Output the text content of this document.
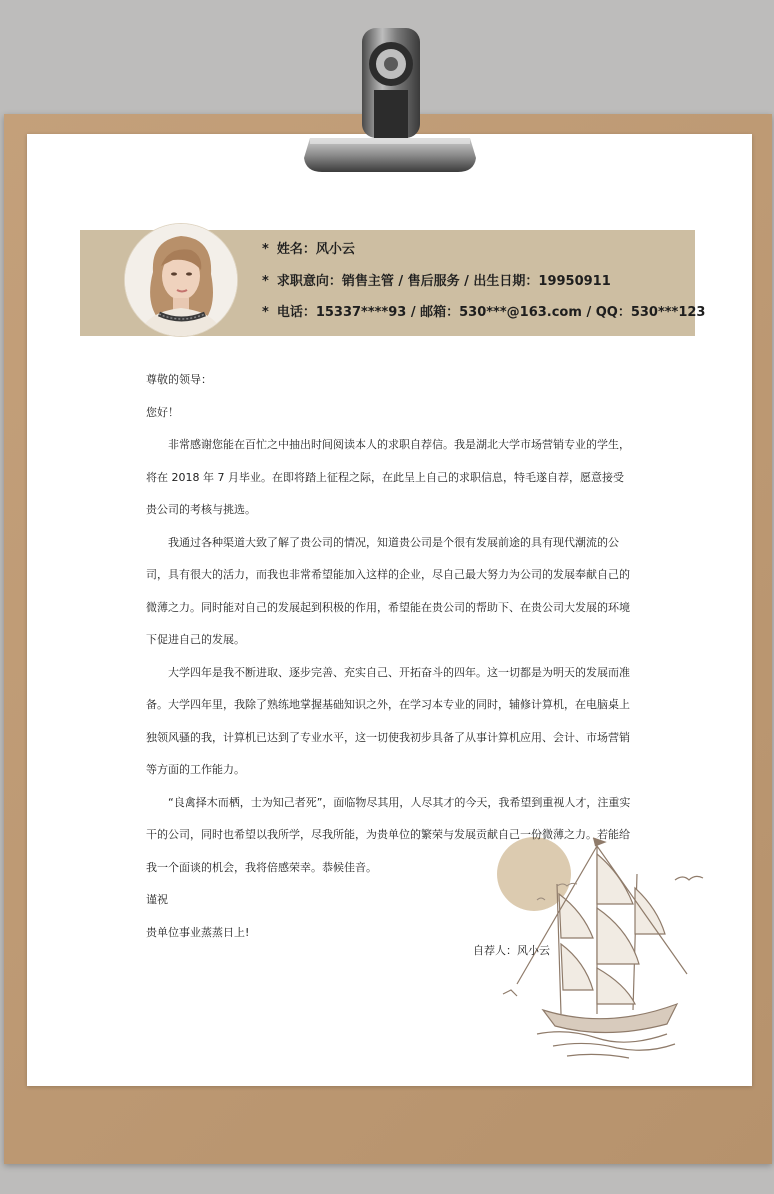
* 姓名：风小云
* 求职意向：销售主管 / 售后服务 / 出生日期：19950911
* 电话：15337****93 / 邮箱：530***@163.com / QQ：530***123

尊敬的领导：

您好！

非常感谢您能在百忙之中抽出时间阅读本人的求职自荐信。我是湖北大学市场营销专业的学生，将在 2018 年 7 月毕业。在即将踏上征程之际，在此呈上自己的求职信息，特毛遂自荐，愿意接受贵公司的考核与挑选。

我通过各种渠道大致了解了贵公司的情况，知道贵公司是个很有发展前途的具有现代潮流的公司，具有很大的活力，而我也非常希望能加入这样的企业，尽自己最大努力为公司的发展奉献自己的微薄之力。同时能对自己的发展起到积极的作用，希望能在贵公司的帮助下、在贵公司大发展的环境下促进自己的发展。

大学四年是我不断进取、逐步完善、充实自己、开拓奋斗的四年。这一切都是为明天的发展而准备。大学四年里，我除了熟练地掌握基础知识之外，在学习本专业的同时，辅修计算机，在电脑桌上独领风骚的我，计算机已达到了专业水平，这一切使我初步具备了从事计算机应用、会计、市场营销等方面的工作能力。

“良禽择木而栖，士为知己者死”，面临物尽其用，人尽其才的今天，我希望到重视人才，注重实干的公司，同时也希望以我所学，尽我所能，为贵单位的繁荣与发展贡献自己一份微薄之力。若能给我一个面谈的机会，我将倍感荣幸。恭候佳音。

谨祝

贵单位事业蒸蒸日上!

自荐人：风小云
